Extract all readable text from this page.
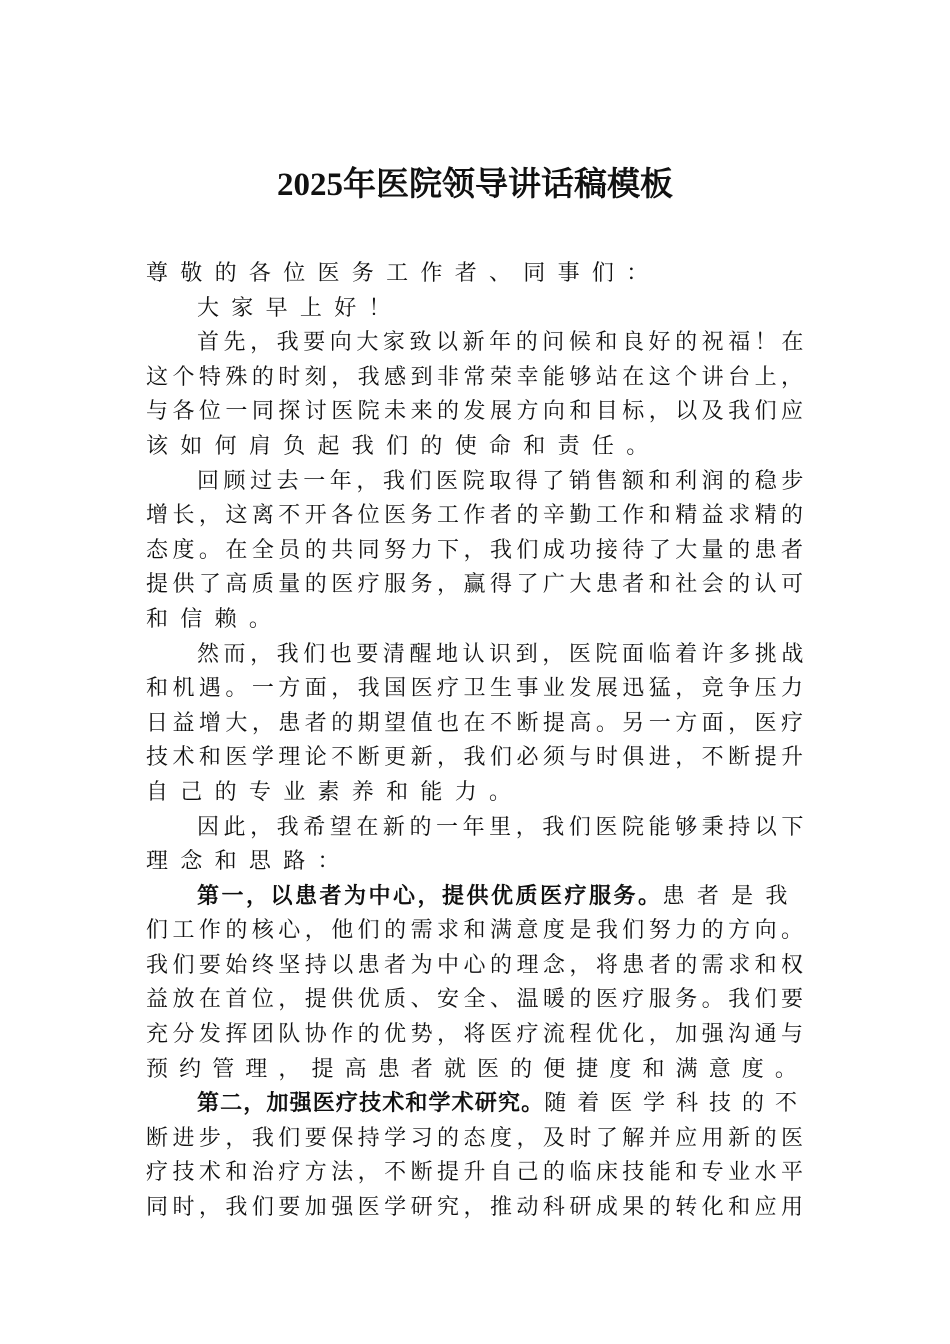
2025年医院领导讲话稿模板
尊敬的各位医务工作者、同事们：
大家早上好！
首先，我要向大家致以新年的问候和良好的祝福！在
这个特殊的时刻，我感到非常荣幸能够站在这个讲台上，
与各位一同探讨医院未来的发展方向和目标，以及我们应
该如何肩负起我们的使命和责任。
回顾过去一年，我们医院取得了销售额和利润的稳步
增长，这离不开各位医务工作者的辛勤工作和精益求精的
态度。在全员的共同努力下，我们成功接待了大量的患者
提供了高质量的医疗服务，赢得了广大患者和社会的认可
和信赖。
然而，我们也要清醒地认识到，医院面临着许多挑战
和机遇。一方面，我国医疗卫生事业发展迅猛，竞争压力
日益增大，患者的期望值也在不断提高。另一方面，医疗
技术和医学理论不断更新，我们必须与时俱进，不断提升
自己的专业素养和能力。
因此，我希望在新的一年里，我们医院能够秉持以下
理念和思路：
第一，以患者为中心，提供优质医疗服务。患者是我
们工作的核心，他们的需求和满意度是我们努力的方向。
我们要始终坚持以患者为中心的理念，将患者的需求和权
益放在首位，提供优质、安全、温暖的医疗服务。我们要
充分发挥团队协作的优势，将医疗流程优化，加强沟通与
预约管理，提高患者就医的便捷度和满意度。
第二，加强医疗技术和学术研究。随着医学科技的不
断进步，我们要保持学习的态度，及时了解并应用新的医
疗技术和治疗方法，不断提升自己的临床技能和专业水平
同时，我们要加强医学研究，推动科研成果的转化和应用
